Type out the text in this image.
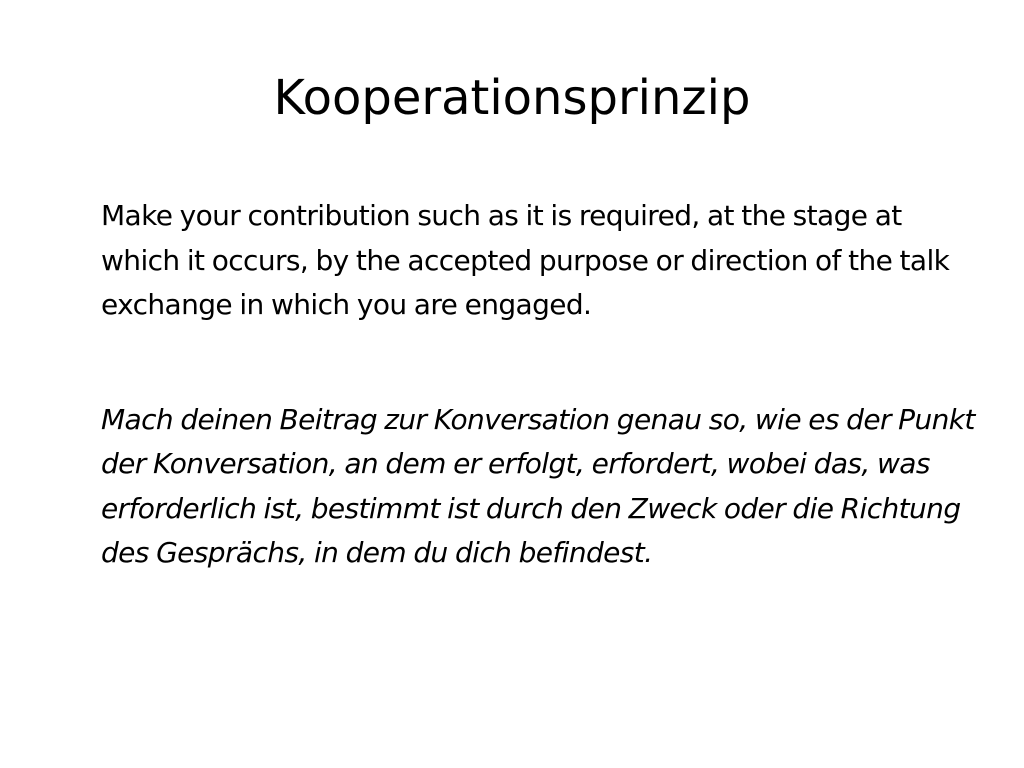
Kooperationsprinzip

Make your contribution such as it is required, at the stage at which it occurs, by the accepted purpose or direction of the talk exchange in which you are engaged.

Mach deinen Beitrag zur Konversation genau so, wie es der Punkt der Konversation, an dem er erfolgt, erfordert, wobei das, was erforderlich ist, bestimmt ist durch den Zweck oder die Richtung des Gesprächs, in dem du dich befindest.
